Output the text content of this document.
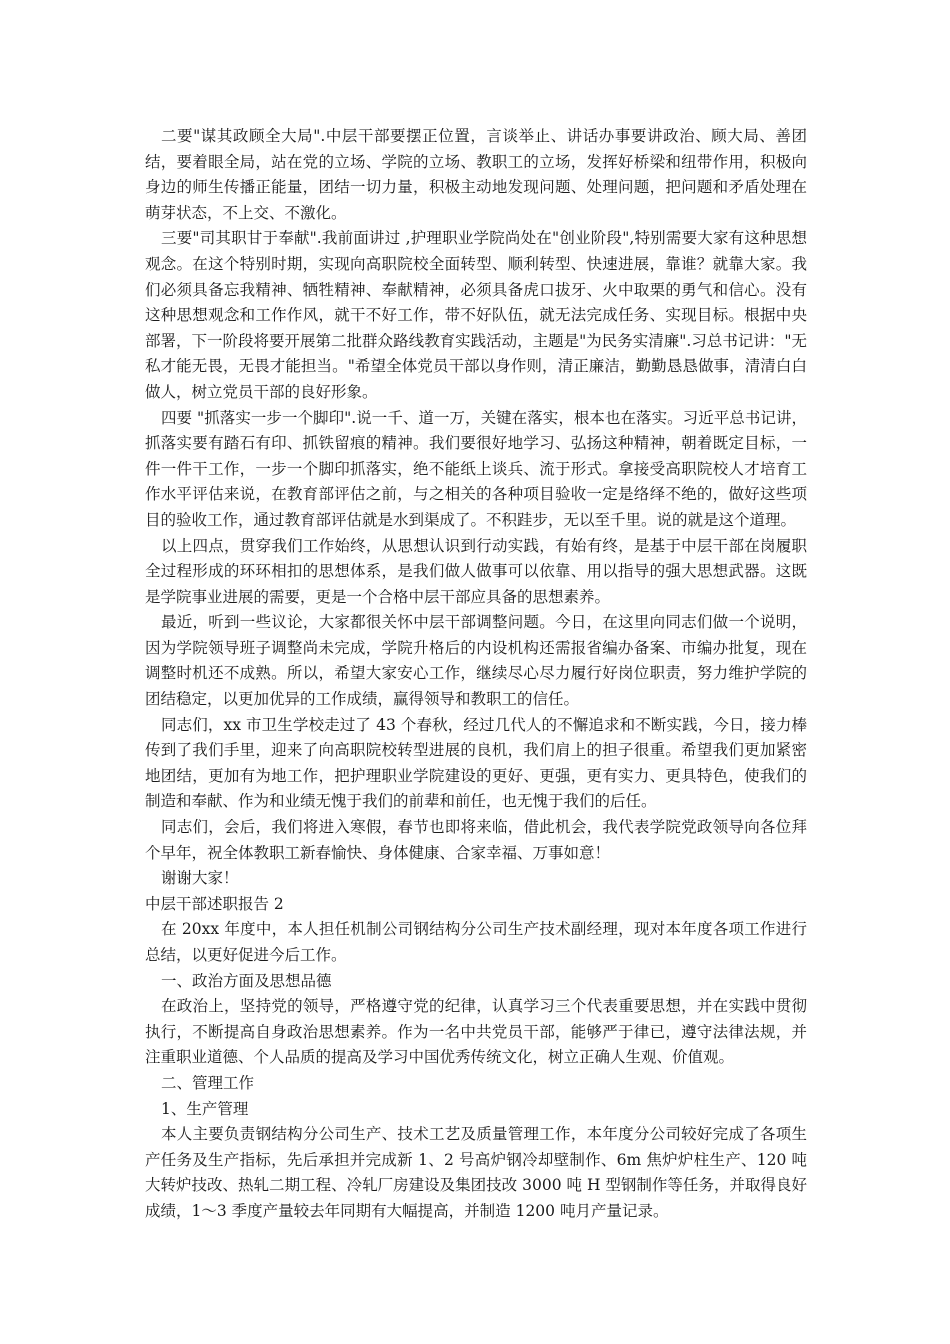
二要"谋其政顾全大局".中层干部要摆正位置，言谈举止、讲话办事要讲政治、顾大局、善团结，要着眼全局，站在党的立场、学院的立场、教职工的立场，发挥好桥梁和纽带作用，积极向身边的师生传播正能量，团结一切力量，积极主动地发现问题、处理问题，把问题和矛盾处理在萌芽状态，不上交、不激化。

三要"司其职甘于奉献".我前面讲过 ,护理职业学院尚处在"创业阶段",特别需要大家有这种思想观念。在这个特别时期，实现向高职院校全面转型、顺利转型、快速进展，靠谁？就靠大家。我们必须具备忘我精神、牺牲精神、奉献精神，必须具备虎口拔牙、火中取栗的勇气和信心。没有这种思想观念和工作作风，就干不好工作，带不好队伍，就无法完成任务、实现目标。根据中央部署，下一阶段将要开展第二批群众路线教育实践活动，主题是"为民务实清廉".习总书记讲："无私才能无畏，无畏才能担当。"希望全体党员干部以身作则，清正廉洁，勤勤恳恳做事，清清白白做人，树立党员干部的良好形象。

四要 "抓落实一步一个脚印".说一千、道一万，关键在落实，根本也在落实。习近平总书记讲，抓落实要有踏石有印、抓铁留痕的精神。我们要很好地学习、弘扬这种精神，朝着既定目标，一件一件干工作，一步一个脚印抓落实，绝不能纸上谈兵、流于形式。拿接受高职院校人才培育工作水平评估来说，在教育部评估之前，与之相关的各种项目验收一定是络绎不绝的，做好这些项目的验收工作，通过教育部评估就是水到渠成了。不积跬步，无以至千里。说的就是这个道理。

以上四点，贯穿我们工作始终，从思想认识到行动实践，有始有终，是基于中层干部在岗履职全过程形成的环环相扣的思想体系，是我们做人做事可以依靠、用以指导的强大思想武器。这既是学院事业进展的需要，更是一个合格中层干部应具备的思想素养。

最近，听到一些议论，大家都很关怀中层干部调整问题。今日，在这里向同志们做一个说明，因为学院领导班子调整尚未完成，学院升格后的内设机构还需报省编办备案、市编办批复，现在调整时机还不成熟。所以，希望大家安心工作，继续尽心尽力履行好岗位职责，努力维护学院的团结稳定，以更加优异的工作成绩，赢得领导和教职工的信任。

同志们，xx 市卫生学校走过了 43 个春秋，经过几代人的不懈追求和不断实践，今日，接力棒传到了我们手里，迎来了向高职院校转型进展的良机，我们肩上的担子很重。希望我们更加紧密地团结，更加有为地工作，把护理职业学院建设的更好、更强，更有实力、更具特色，使我们的制造和奉献、作为和业绩无愧于我们的前辈和前任，也无愧于我们的后任。

同志们，会后，我们将进入寒假，春节也即将来临，借此机会，我代表学院党政领导向各位拜个早年，祝全体教职工新春愉快、身体健康、合家幸福、万事如意！

谢谢大家！

中层干部述职报告 2

在 20xx 年度中，本人担任机制公司钢结构分公司生产技术副经理，现对本年度各项工作进行总结，以更好促进今后工作。

一、政治方面及思想品德

在政治上，坚持党的领导，严格遵守党的纪律，认真学习三个代表重要思想，并在实践中贯彻执行，不断提高自身政治思想素养。作为一名中共党员干部，能够严于律已，遵守法律法规，并注重职业道德、个人品质的提高及学习中国优秀传统文化，树立正确人生观、价值观。

二、管理工作

1、生产管理

本人主要负责钢结构分公司生产、技术工艺及质量管理工作，本年度分公司较好完成了各项生产任务及生产指标，先后承担并完成新 1、2 号高炉钢冷却壁制作、6m 焦炉炉柱生产、120 吨大转炉技改、热轧二期工程、冷轧厂房建设及集团技改 3000 吨 H 型钢制作等任务，并取得良好成绩，1～3 季度产量较去年同期有大幅提高，并制造 1200 吨月产量记录。
